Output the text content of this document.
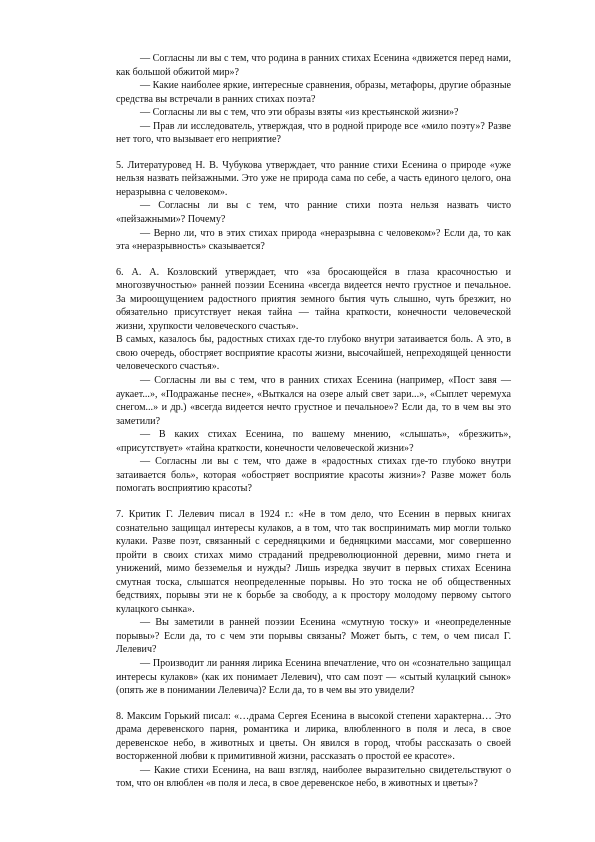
— Согласны ли вы с тем, что родина в ранних стихах Есенина «движется перед нами, как большой обжитой мир»?

— Какие наиболее яркие, интересные сравнения, образы, метафоры, другие образные средства вы встречали в ранних стихах поэта?

— Согласны ли вы с тем, что эти образы взяты «из крестьянской жизни»?

— Прав ли исследователь, утверждая, что в родной природе все «мило поэту»? Разве нет того, что вызывает его неприятие?

5. Литературовед Н. В. Чубукова утверждает, что ранние стихи Есенина о природе «уже нельзя назвать пейзажными. Это уже не природа сама по себе, а часть единого целого, она неразрывна с человеком».

— Согласны ли вы с тем, что ранние стихи поэта нельзя назвать чисто «пейзажными»? Почему?

— Верно ли, что в этих стихах природа «неразрывна с человеком»? Если да, то как эта «неразрывность» сказывается?

6. А. А. Козловский утверждает, что «за бросающейся в глаза красочностью и многозвучностью» ранней поэзии Есенина «всегда видеется нечто грустное и печальное. За мироощущением радостного приятия земного бытия чуть слышно, чуть брезжит, но обязательно присутствует некая тайна — тайна краткости, конечности человеческой жизни, хрупкости человеческого счастья».

В самых, казалось бы, радостных стихах где-то глубоко внутри затаивается боль. А это, в свою очередь, обостряет восприятие красоты жизни, высочайшей, непреходящей ценности человеческого счастья».

— Согласны ли вы с тем, что в ранних стихах Есенина (например, «Пост завя — аукает...», «Подражанье песне», «Выткался на озере алый свет зари...», «Сыплет черемуха снегом...» и др.) «всегда видеется нечто грустное и печальное»? Если да, то в чем вы это заметили?

— В каких стихах Есенина, по вашему мнению, «слышать», «брезжить», «присутствует» «тайна краткости, конечности человеческой жизни»?

— Согласны ли вы с тем, что даже в «радостных стихах где-то глубоко внутри затаивается боль», которая «обостряет восприятие красоты жизни»? Разве может боль помогать восприятию красоты?

7. Критик Г. Лелевич писал в 1924 г.: «Не в том дело, что Есенин в первых книгах сознательно защищал интересы кулаков, а в том, что так воспринимать мир могли только кулаки. Разве поэт, связанный с середняцкими и бедняцкими массами, мог совершенно пройти в своих стихах мимо страданий предреволюционной деревни, мимо гнета и унижений, мимо безземелья и нужды? Лишь изредка звучит в первых стихах Есенина смутная тоска, слышатся неопределенные порывы. Но это тоска не об общественных бедствиях, порывы эти не к борьбе за свободу, а к простору молодому первому сытого кулацкого сынка».

— Вы заметили в ранней поэзии Есенина «смутную тоску» и «неопределенные порывы»? Если да, то с чем эти порывы связаны? Может быть, с тем, о чем писал Г. Лелевич?

— Производит ли ранняя лирика Есенина впечатление, что он «сознательно защищал интересы кулаков» (как их понимает Лелевич), что сам поэт — «сытый кулацкий сынок» (опять же в понимании Лелевича)? Если да, то в чем вы это увидели?

8. Максим Горький писал: «…драма Сергея Есенина в высокой степени характерна… Это драма деревенского парня, романтика и лирика, влюбленного в поля и леса, в свое деревенское небо, в животных и цветы. Он явился в город, чтобы рассказать о своей восторженной любви к примитивной жизни, рассказать о простой ее красоте».

— Какие стихи Есенина, на ваш взгляд, наиболее выразительно свидетельствуют о том, что он влюблен «в поля и леса, в свое деревенское небо, в животных и цветы»?
